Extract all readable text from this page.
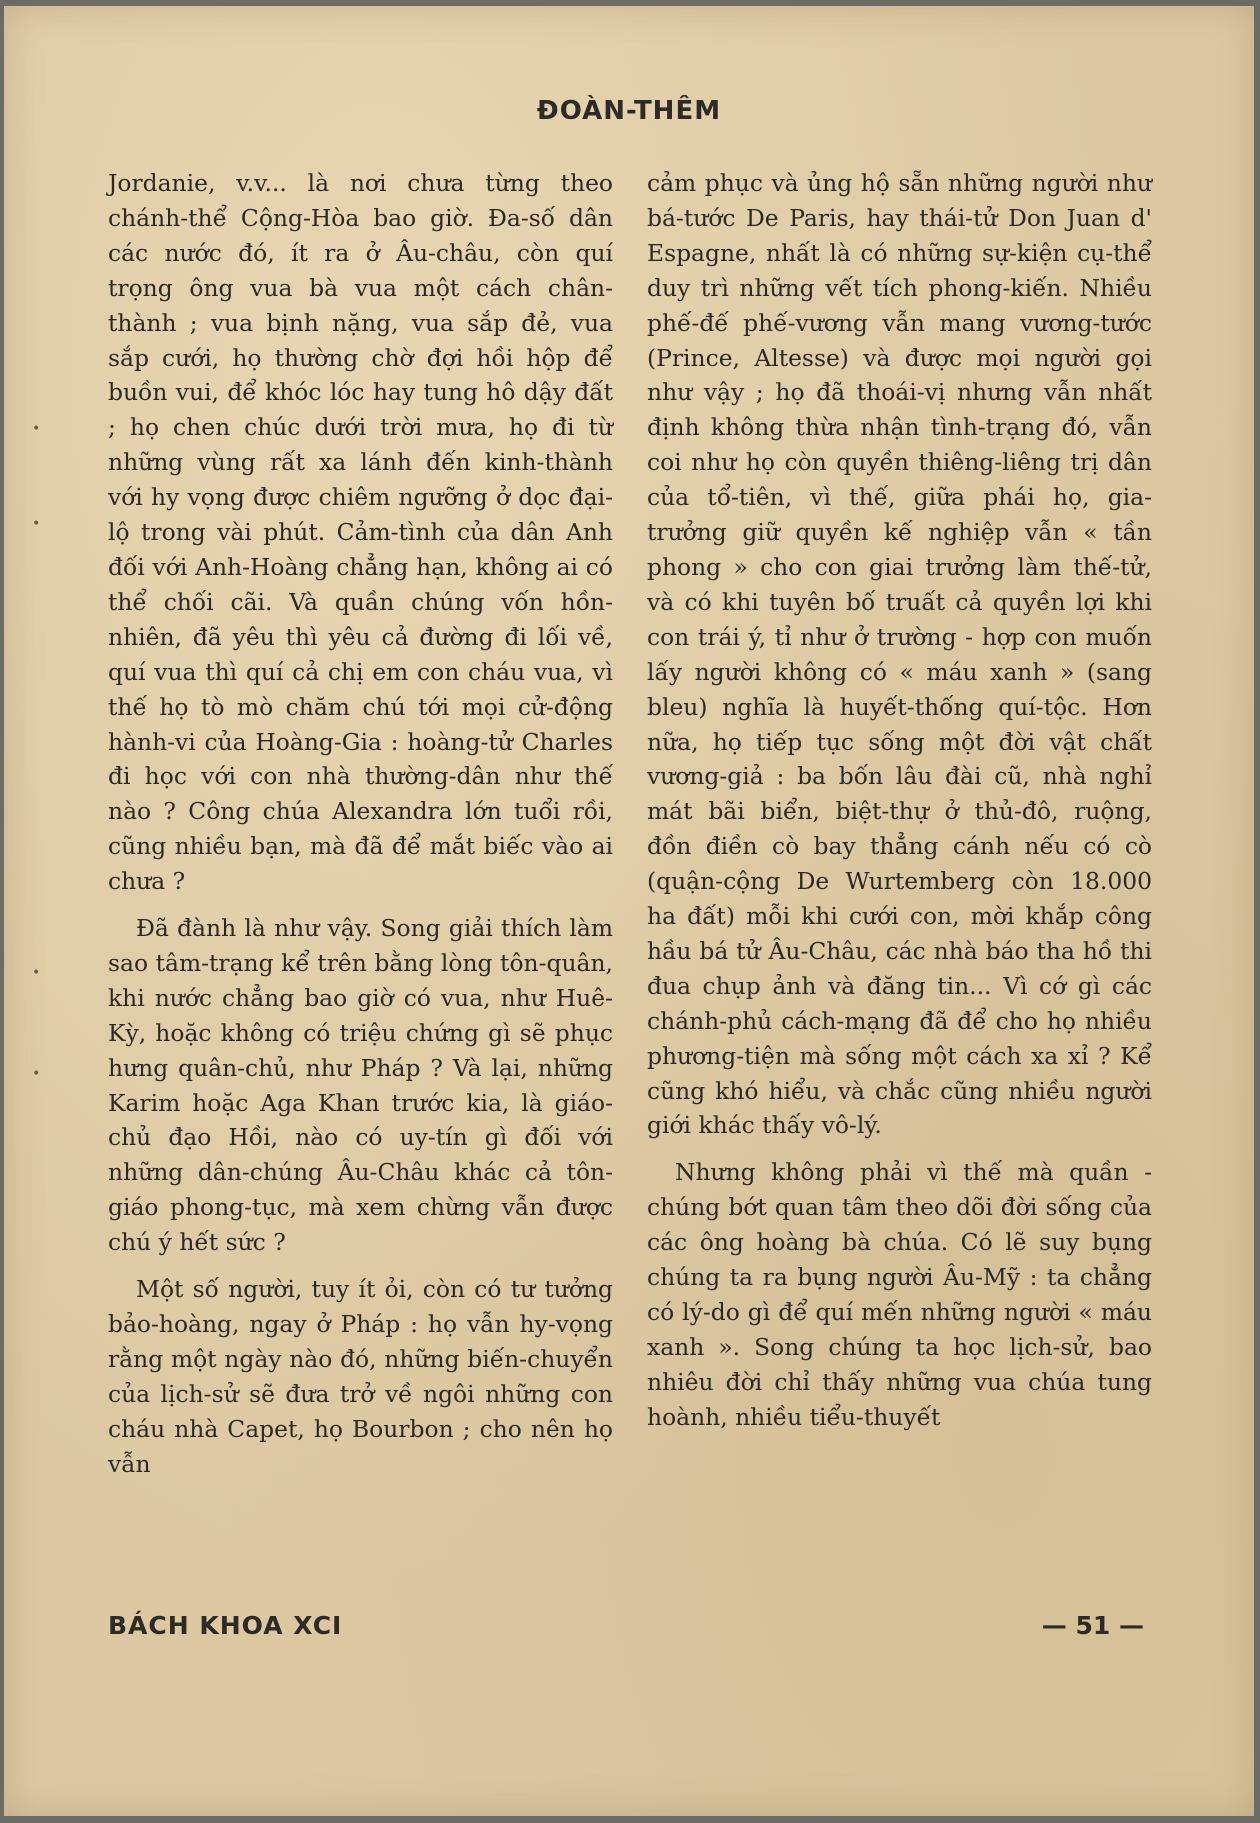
ĐOÀN-THÊM

Jordanie, v.v... là nơi chưa từng theo chánh-thể Cộng-Hòa bao giờ. Đa-số dân các nước đó, ít ra ở Âu-châu, còn quí trọng ông vua bà vua một cách chân-thành ; vua bịnh nặng, vua sắp đẻ, vua sắp cưới, họ thường chờ đợi hồi hộp để buồn vui, để khóc lóc hay tung hô dậy đất ; họ chen chúc dưới trời mưa, họ đi từ những vùng rất xa lánh đến kinh-thành với hy vọng được chiêm ngưỡng ở dọc đại-lộ trong vài phút. Cảm-tình của dân Anh đối với Anh-Hoàng chẳng hạn, không ai có thể chối cãi. Và quần chúng vốn hồn-nhiên, đã yêu thì yêu cả đường đi lối về, quí vua thì quí cả chị em con cháu vua, vì thế họ tò mò chăm chú tới mọi cử-động hành-vi của Hoàng-Gia : hoàng-tử Charles đi học với con nhà thường-dân như thế nào ? Công chúa Alexandra lớn tuổi rồi, cũng nhiều bạn, mà đã để mắt biếc vào ai chưa ?

Đã đành là như vậy. Song giải thích làm sao tâm-trạng kể trên bằng lòng tôn-quân, khi nước chẳng bao giờ có vua, như Huê-Kỳ, hoặc không có triệu chứng gì sẽ phục hưng quân-chủ, như Pháp ? Và lại, những Karim hoặc Aga Khan trước kia, là giáo-chủ đạo Hồi, nào có uy-tín gì đối với những dân-chúng Âu-Châu khác cả tôn-giáo phong-tục, mà xem chừng vẫn được chú ý hết sức ?

Một số người, tuy ít ỏi, còn có tư tưởng bảo-hoàng, ngay ở Pháp : họ vẫn hy-vọng rằng một ngày nào đó, những biến-chuyển của lịch-sử sẽ đưa trở về ngôi những con cháu nhà Capet, họ Bourbon ; cho nên họ vẫn

cảm phục và ủng hộ sẵn những người như bá-tước De Paris, hay thái-tử Don Juan d' Espagne, nhất là có những sự-kiện cụ-thể duy trì những vết tích phong-kiến. Nhiều phế-đế phế-vương vẫn mang vương-tước (Prince, Altesse) và được mọi người gọi như vậy ; họ đã thoái-vị nhưng vẫn nhất định không thừa nhận tình-trạng đó, vẫn coi như họ còn quyền thiêng-liêng trị dân của tổ-tiên, vì thế, giữa phái họ, gia-trưởng giữ quyền kế nghiệp vẫn « tần phong » cho con giai trưởng làm thế-tử, và có khi tuyên bố truất cả quyền lợi khi con trái ý, tỉ như ở trường - hợp con muốn lấy người không có « máu xanh » (sang bleu) nghĩa là huyết-thống quí-tộc. Hơn nữa, họ tiếp tục sống một đời vật chất vương-giả : ba bốn lâu đài cũ, nhà nghỉ mát bãi biển, biệt-thự ở thủ-đô, ruộng, đồn điền cò bay thẳng cánh nếu có cò (quận-cộng De Wurtemberg còn 18.000 ha đất) mỗi khi cưới con, mời khắp công hầu bá tử Âu-Châu, các nhà báo tha hồ thi đua chụp ảnh và đăng tin... Vì cớ gì các chánh-phủ cách-mạng đã để cho họ nhiều phương-tiện mà sống một cách xa xỉ ? Kể cũng khó hiểu, và chắc cũng nhiều người giới khác thấy vô-lý.

Nhưng không phải vì thế mà quần - chúng bớt quan tâm theo dõi đời sống của các ông hoàng bà chúa. Có lẽ suy bụng chúng ta ra bụng người Âu-Mỹ : ta chẳng có lý-do gì để quí mến những người « máu xanh ». Song chúng ta học lịch-sử, bao nhiêu đời chỉ thấy những vua chúa tung hoành, nhiều tiểu-thuyết

BÁCH KHOA XCI	— 51 —
•
•
•
•
